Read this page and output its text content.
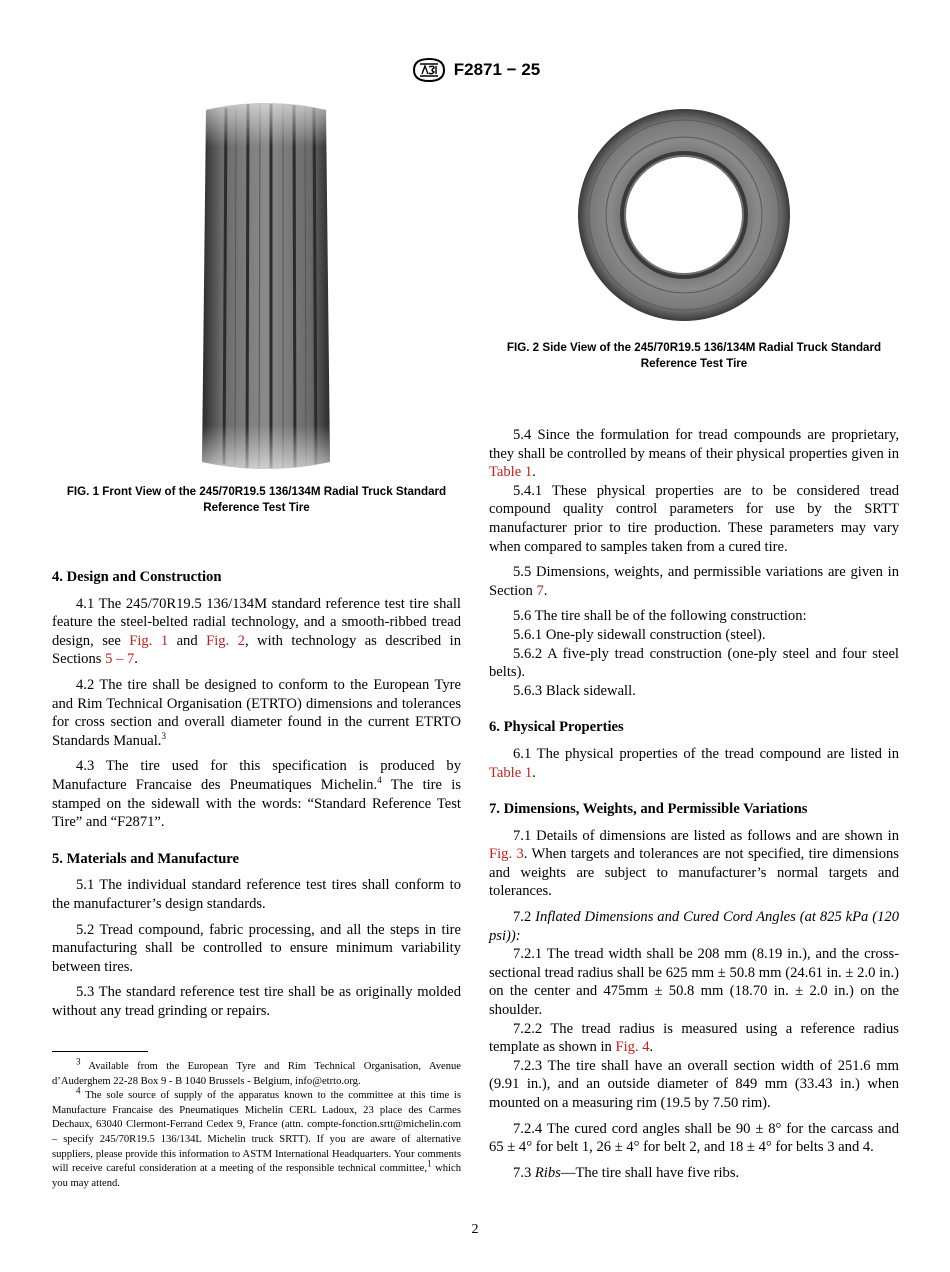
F2871 − 25
FIG. 1 Front View of the 245/70R19.5 136/134M Radial Truck Standard Reference Test Tire
FIG. 2 Side View of the 245/70R19.5 136/134M Radial Truck Standard Reference Test Tire
4. Design and Construction

4.1 The 245/70R19.5 136/134M standard reference test tire shall feature the steel-belted radial technology, and a smooth-ribbed tread design, see Fig. 1 and Fig. 2, with technology as described in Sections 5 – 7.

4.2 The tire shall be designed to conform to the European Tyre and Rim Technical Organisation (ETRTO) dimensions and tolerances for cross section and overall diameter found in the current ETRTO Standards Manual.$^3$

4.3 The tire used for this specification is produced by Manufacture Francaise des Pneumatiques Michelin.$^4$ The tire is stamped on the sidewall with the words: “Standard Reference Test Tire” and “F2871”.

5. Materials and Manufacture

5.1 The individual standard reference test tires shall conform to the manufacturer’s design standards.

5.2 Tread compound, fabric processing, and all the steps in tire manufacturing shall be controlled to ensure minimum variability between tires.

5.3 The standard reference test tire shall be as originally molded without any tread grinding or repairs.

$^3$ Available from the European Tyre and Rim Technical Organisation, Avenue d’Auderghem 22-28 Box 9 - B 1040 Brussels - Belgium, info@etrto.org.

$^4$ The sole source of supply of the apparatus known to the committee at this time is Manufacture Francaise des Pneumatiques Michelin CERL Ladoux, 23 place des Carmes Dechaux, 63040 Clermont-Ferrand Cedex 9, France (attn. compte-fonction.srtt@michelin.com – specify 245/70R19.5 136/134L Michelin truck SRTT). If you are aware of alternative suppliers, please provide this information to ASTM International Headquarters. Your comments will receive careful consideration at a meeting of the responsible technical committee,$^1$ which you may attend.

5.4 Since the formulation for tread compounds are proprietary, they shall be controlled by means of their physical properties given in Table 1.

5.4.1 These physical properties are to be considered tread compound quality control parameters for use by the SRTT manufacturer prior to tire production. These parameters may vary when compared to samples taken from a cured tire.

5.5 Dimensions, weights, and permissible variations are given in Section 7.

5.6 The tire shall be of the following construction:

5.6.1 One-ply sidewall construction (steel).

5.6.2 A five-ply tread construction (one-ply steel and four steel belts).

5.6.3 Black sidewall.

6. Physical Properties

6.1 The physical properties of the tread compound are listed in Table 1.

7. Dimensions, Weights, and Permissible Variations

7.1 Details of dimensions are listed as follows and are shown in Fig. 3. When targets and tolerances are not specified, tire dimensions and weights are subject to manufacturer’s normal targets and tolerances.

7.2 Inflated Dimensions and Cured Cord Angles (at 825 kPa (120 psi)):

7.2.1 The tread width shall be 208 mm (8.19 in.), and the cross-sectional tread radius shall be 625 mm ± 50.8 mm (24.61 in. ± 2.0 in.) on the center and 475mm ± 50.8 mm (18.70 in. ± 2.0 in.) on the shoulder.

7.2.2 The tread radius is measured using a reference radius template as shown in Fig. 4.

7.2.3 The tire shall have an overall section width of 251.6 mm (9.91 in.), and an outside diameter of 849 mm (33.43 in.) when mounted on a measuring rim (19.5 by 7.50 rim).

7.2.4 The cured cord angles shall be 90 ± 8° for the carcass and 65 ± 4° for belt 1, 26 ± 4° for belt 2, and 18 ± 4° for belts 3 and 4.

7.3 Ribs—The tire shall have five ribs.

2
